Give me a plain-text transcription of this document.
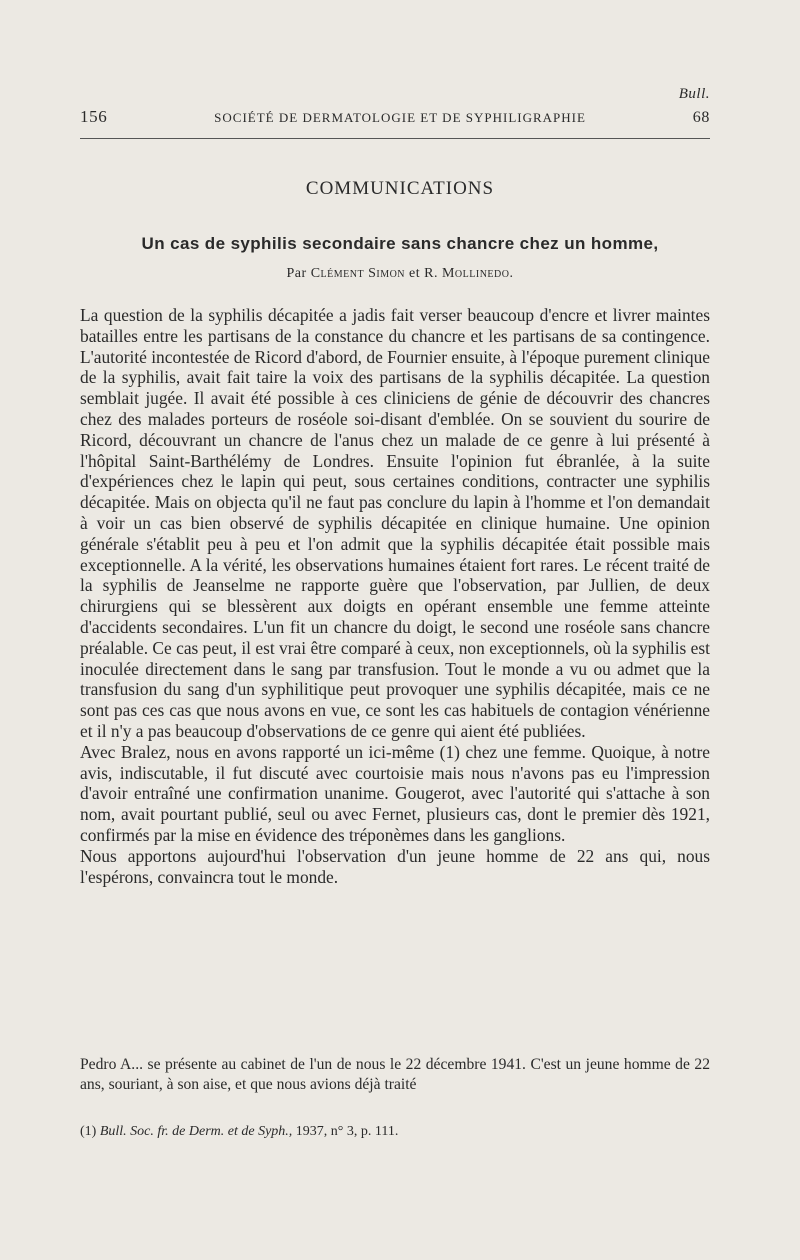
Bull.
156	SOCIÉTÉ DE DERMATOLOGIE ET DE SYPHILIGRAPHIE	68
COMMUNICATIONS
Un cas de syphilis secondaire sans chancre chez un homme,
Par Clément Simon et R. Mollinedo.

La question de la syphilis décapitée a jadis fait verser beaucoup d'encre et livrer maintes batailles entre les partisans de la constance du chancre et les partisans de sa contingence. L'autorité incontestée de Ricord d'abord, de Fournier ensuite, à l'époque purement clinique de la syphilis, avait fait taire la voix des partisans de la syphilis décapitée. La question semblait jugée. Il avait été possible à ces cliniciens de génie de découvrir des chancres chez des malades porteurs de roséole soi-disant d'emblée. On se souvient du sourire de Ricord, découvrant un chancre de l'anus chez un malade de ce genre à lui présenté à l'hôpital Saint-Barthélémy de Londres. Ensuite l'opinion fut ébranlée, à la suite d'expériences chez le lapin qui peut, sous certaines conditions, contracter une syphilis décapitée. Mais on objecta qu'il ne faut pas conclure du lapin à l'homme et l'on demandait à voir un cas bien observé de syphilis décapitée en clinique humaine. Une opinion générale s'établit peu à peu et l'on admit que la syphilis décapitée était possible mais exceptionnelle. A la vérité, les observations humaines étaient fort rares. Le récent traité de la syphilis de Jeanselme ne rapporte guère que l'observation, par Jullien, de deux chirurgiens qui se blessèrent aux doigts en opérant ensemble une femme atteinte d'accidents secondaires. L'un fit un chancre du doigt, le second une roséole sans chancre préalable. Ce cas peut, il est vrai être comparé à ceux, non exceptionnels, où la syphilis est inoculée directement dans le sang par transfusion. Tout le monde a vu ou admet que la transfusion du sang d'un syphilitique peut provoquer une syphilis décapitée, mais ce ne sont pas ces cas que nous avons en vue, ce sont les cas habituels de contagion vénérienne et il n'y a pas beaucoup d'observations de ce genre qui aient été publiées.

Avec Bralez, nous en avons rapporté un ici-même (1) chez une femme. Quoique, à notre avis, indiscutable, il fut discuté avec courtoisie mais nous n'avons pas eu l'impression d'avoir entraîné une confirmation unanime. Gougerot, avec l'autorité qui s'attache à son nom, avait pourtant publié, seul ou avec Fernet, plusieurs cas, dont le premier dès 1921, confirmés par la mise en évidence des tréponèmes dans les ganglions.

Nous apportons aujourd'hui l'observation d'un jeune homme de 22 ans qui, nous l'espérons, convaincra tout le monde.

Pedro A... se présente au cabinet de l'un de nous le 22 décembre 1941. C'est un jeune homme de 22 ans, souriant, à son aise, et que nous avions déjà traité

(1) Bull. Soc. fr. de Derm. et de Syph., 1937, n° 3, p. 111.
